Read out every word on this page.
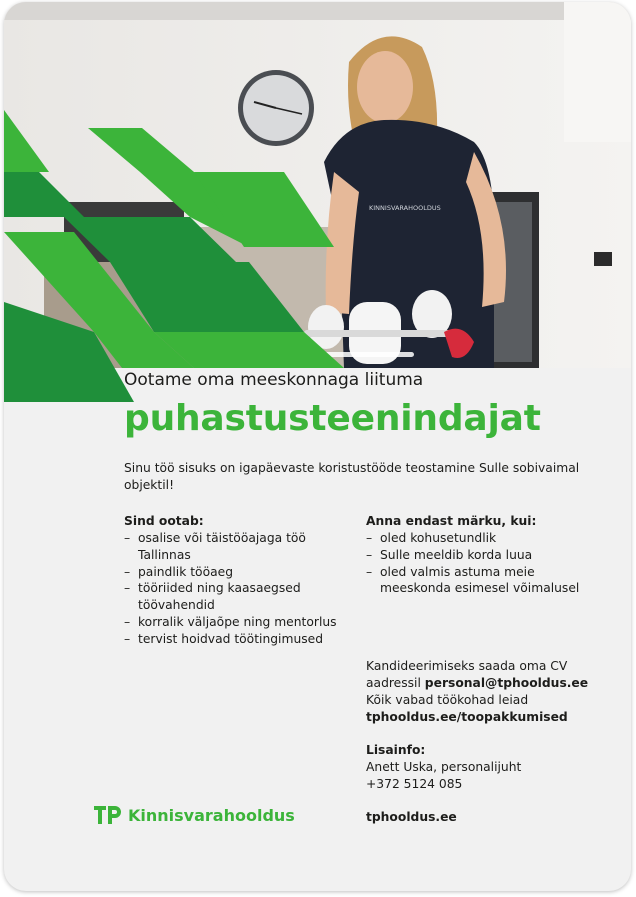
KINNISVARAHOOLDUS
Ootame oma meeskonnaga liituma
puhastusteenindajat
Sinu töö sisuks on igapäevaste koristustööde teostamine Sulle sobivaimal objektil!
Sind ootab:
– osalise või täistööajaga töö Tallinnas
– paindlik tööaeg
– tööriided ning kaasaegsed töövahendid
– korralik väljaõpe ning mentorlus
– tervist hoidvad töötingimused
Anna endast märku, kui:
– oled kohusetundlik
– Sulle meeldib korda luua
– oled valmis astuma meie meeskonda esimesel võimalusel
Kandideerimiseks saada oma CV aadressil personal@tphooldus.ee
Kõik vabad töökohad leiad
tphooldus.ee/toopakkumised
Lisainfo:
Anett Uska, personalijuht
+372 5124 085
tphooldus.ee
Kinnisvarahooldus
